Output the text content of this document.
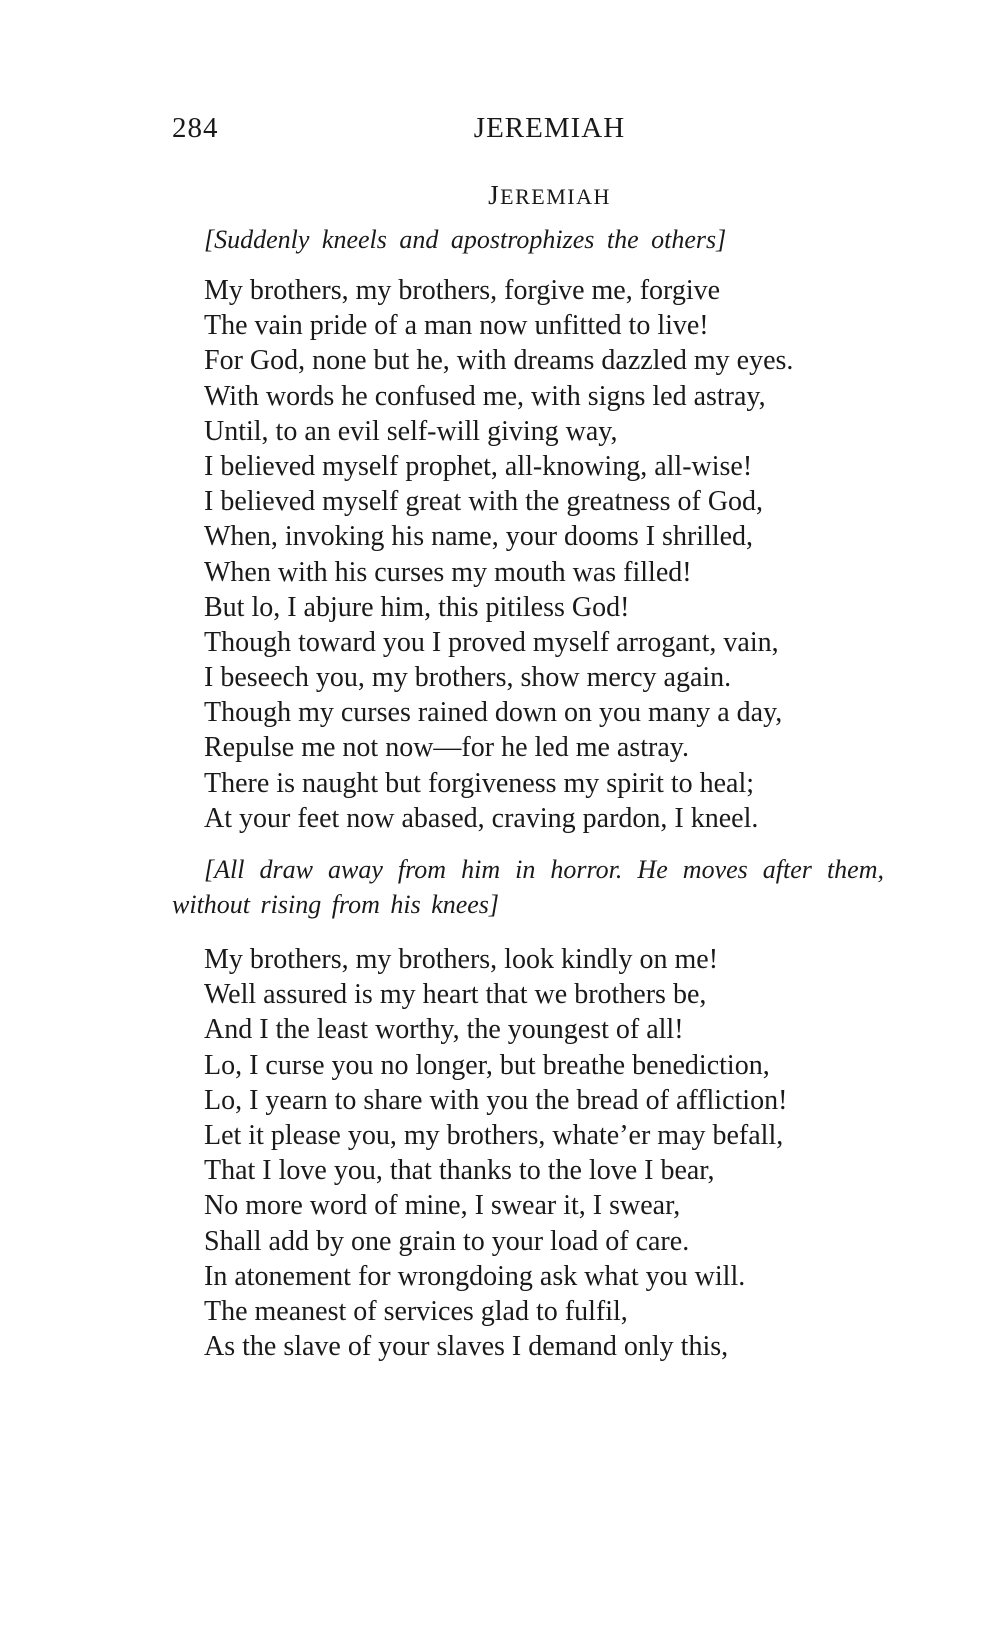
284	JEREMIAH
JEREMIAH
[Suddenly kneels and apostrophizes the others]
My brothers, my brothers, forgive me, forgive
The vain pride of a man now unfitted to live!
For God, none but he, with dreams dazzled my eyes.
With words he confused me, with signs led astray,
Until, to an evil self-will giving way,
I believed myself prophet, all-knowing, all-wise!
I believed myself great with the greatness of God,
When, invoking his name, your dooms I shrilled,
When with his curses my mouth was filled!
But lo, I abjure him, this pitiless God!
Though toward you I proved myself arrogant, vain,
I beseech you, my brothers, show mercy again.
Though my curses rained down on you many a day,
Repulse me not now—for he led me astray.
There is naught but forgiveness my spirit to heal;
At your feet now abased, craving pardon, I kneel.
[All draw away from him in horror. He moves after them, without rising from his knees]
My brothers, my brothers, look kindly on me!
Well assured is my heart that we brothers be,
And I the least worthy, the youngest of all!
Lo, I curse you no longer, but breathe benediction,
Lo, I yearn to share with you the bread of affliction!
Let it please you, my brothers, whate’er may befall,
That I love you, that thanks to the love I bear,
No more word of mine, I swear it, I swear,
Shall add by one grain to your load of care.
In atonement for wrongdoing ask what you will.
The meanest of services glad to fulfil,
As the slave of your slaves I demand only this,
